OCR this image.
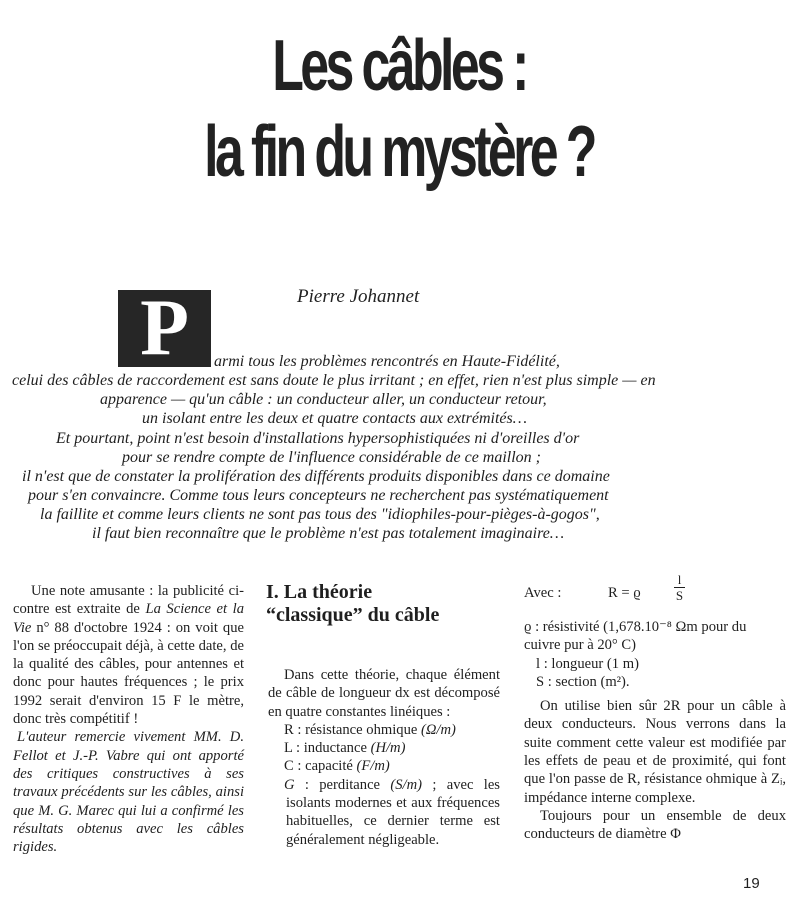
Les câbles :
la fin du mystère ?
P	Pierre Johannet

armi tous les problèmes rencontrés en Haute-Fidélité,
celui des câbles de raccordement est sans doute le plus irritant ; en effet, rien n'est plus simple — en
apparence — qu'un câble : un conducteur aller, un conducteur retour,
un isolant entre les deux et quatre contacts aux extrémités…
Et pourtant, point n'est besoin d'installations hypersophistiquées ni d'oreilles d'or
pour se rendre compte de l'influence considérable de ce maillon ;
il n'est que de constater la prolifération des différents produits disponibles dans ce domaine
pour s'en convaincre. Comme tous leurs concepteurs ne recherchent pas systématiquement
la faillite et comme leurs clients ne sont pas tous des "idiophiles-pour-pièges-à-gogos",
il faut bien reconnaître que le problème n'est pas totalement imaginaire…

Une note amusante : la publicité ci-contre est extraite de La Science et la Vie n° 88 d'octobre 1924 : on voit que l'on se préoccupait déjà, à cette date, de la qualité des câbles, pour antennes et donc pour hautes fréquences ; le prix 1992 serait d'environ 15 F le mètre, donc très compétitif !

L'auteur remercie vivement MM. D. Fellot et J.-P. Vabre qui ont apporté des critiques constructives à ses travaux précédents sur les câbles, ainsi que M. G. Marec qui lui a confirmé les résultats obtenus avec les câbles rigides.

I. La théorie
“classique” du câble

Dans cette théorie, chaque élément de câble de longueur dx est décomposé en quatre constantes linéiques :

R : résistance ohmique (Ω/m)

L : inductance (H/m)

C : capacité (F/m)

G : perditance (S/m) ; avec les isolants modernes et aux fréquences habituelles, ce dernier terme est généralement négligeable.

Avec :	R = ϱ
l
S
ϱ : résistivité (1,678.10⁻⁸ Ωm pour du cuivre pur à 20° C)
l : longueur (1 m)
S : section (m²).

On utilise bien sûr 2R pour un câble à deux conducteurs. Nous verrons dans la suite comment cette valeur est modifiée par les effets de peau et de proximité, qui font que l'on passe de R, résistance ohmique à Zᵢ, impédance interne complexe.

Toujours pour un ensemble de deux conducteurs de diamètre Φ

19
